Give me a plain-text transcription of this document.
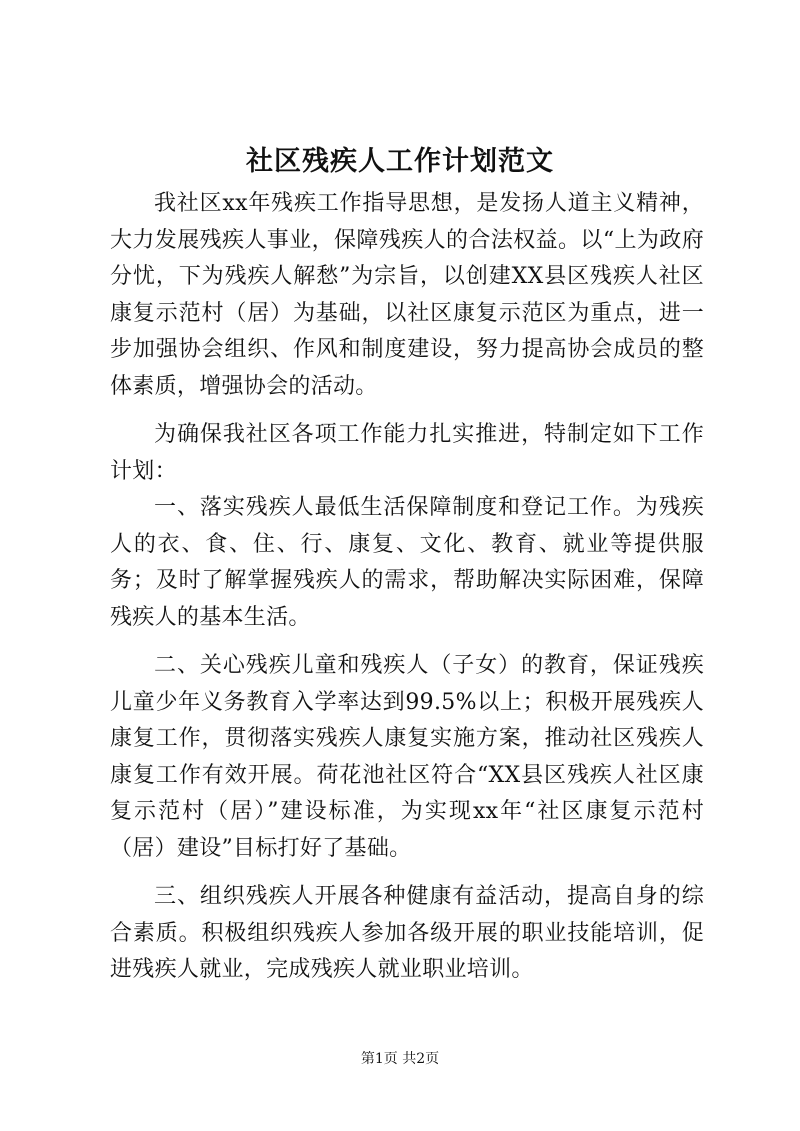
社区残疾人工作计划范文

我社区xx年残疾工作指导思想，是发扬人道主义精神，大力发展残疾人事业，保障残疾人的合法权益。以“上为政府分忧，下为残疾人解愁”为宗旨，以创建XX县区残疾人社区康复示范村（居）为基础，以社区康复示范区为重点，进一步加强协会组织、作风和制度建设，努力提高协会成员的整体素质，增强协会的活动。

为确保我社区各项工作能力扎实推进，特制定如下工作计划：

一、落实残疾人最低生活保障制度和登记工作。为残疾人的衣、食、住、行、康复、文化、教育、就业等提供服务；及时了解掌握残疾人的需求，帮助解决实际困难，保障残疾人的基本生活。

二、关心残疾儿童和残疾人（子女）的教育，保证残疾儿童少年义务教育入学率达到99.5%以上；积极开展残疾人康复工作，贯彻落实残疾人康复实施方案，推动社区残疾人康复工作有效开展。荷花池社区符合“XX县区残疾人社区康复示范村（居）”建设标准，为实现xx年“社区康复示范村（居）建设”目标打好了基础。

三、组织残疾人开展各种健康有益活动，提高自身的综合素质。积极组织残疾人参加各级开展的职业技能培训，促进残疾人就业，完成残疾人就业职业培训。

第1页 共2页
